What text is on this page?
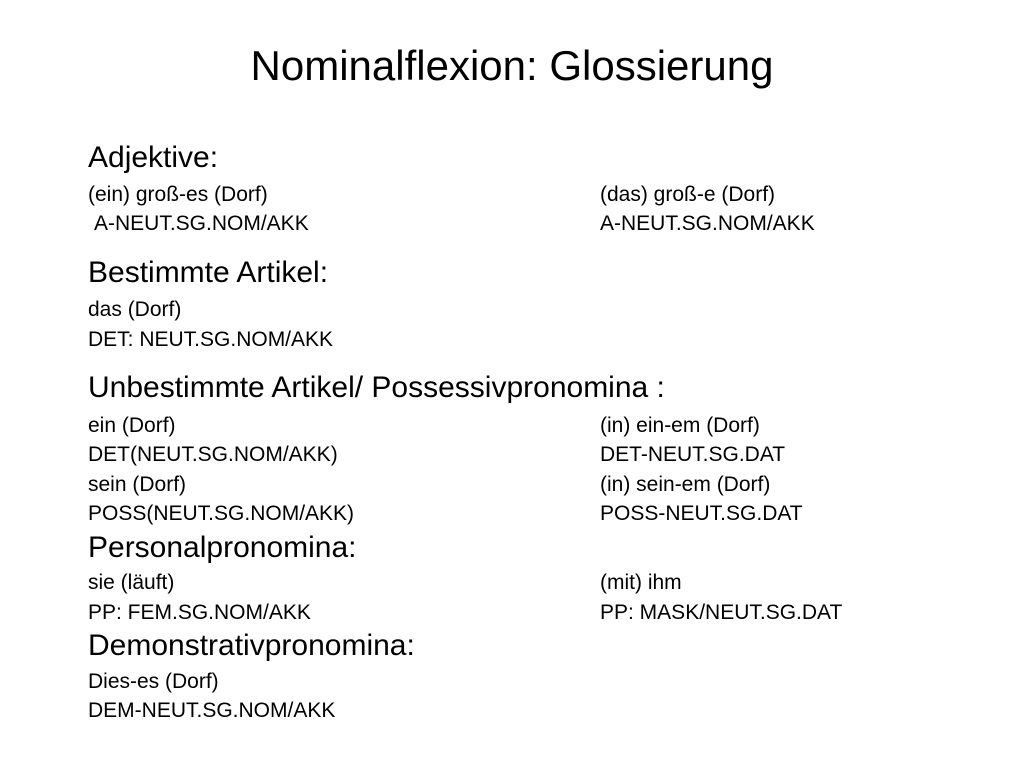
Nominalflexion: Glossierung
Adjektive:
(ein) groß-es (Dorf)	(das) groß-e (Dorf)
A-NEUT.SG.NOM/AKK	A-NEUT.SG.NOM/AKK
Bestimmte Artikel:
das (Dorf)
DET: NEUT.SG.NOM/AKK
Unbestimmte Artikel/ Possessivpronomina :
ein (Dorf)	(in) ein-em (Dorf)
DET(NEUT.SG.NOM/AKK)	DET-NEUT.SG.DAT
sein (Dorf)	(in) sein-em (Dorf)
POSS(NEUT.SG.NOM/AKK)	POSS-NEUT.SG.DAT
Personalpronomina:
sie (läuft)	(mit) ihm
PP: FEM.SG.NOM/AKK	PP: MASK/NEUT.SG.DAT
Demonstrativpronomina:
Dies-es (Dorf)
DEM-NEUT.SG.NOM/AKK
